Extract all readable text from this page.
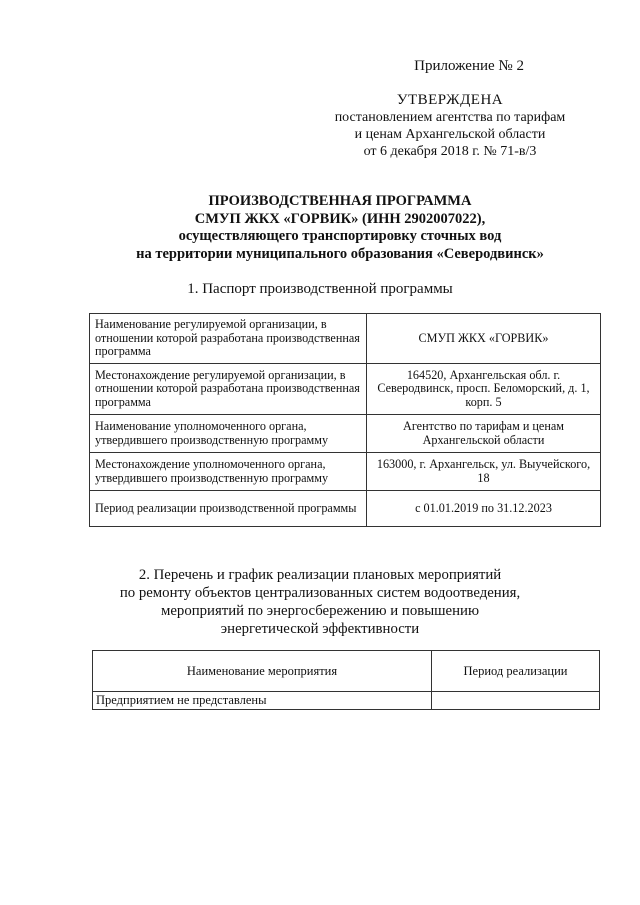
Приложение № 2
УТВЕРЖДЕНА
постановлением агентства по тарифам
и ценам Архангельской области
от 6 декабря 2018 г. № 71-в/3
ПРОИЗВОДСТВЕННАЯ ПРОГРАММА
СМУП ЖКХ «ГОРВИК» (ИНН 2902007022),
осуществляющего транспортировку сточных вод
на территории муниципального образования «Северодвинск»
1. Паспорт производственной программы
Наименование регулируемой организации, в отношении которой разработана производственная программа	СМУП ЖКХ «ГОРВИК»
Местонахождение регулируемой организации, в отношении которой разработана производственная программа	164520, Архангельская обл. г. Северодвинск, просп. Беломорский, д. 1, корп. 5
Наименование уполномоченного органа, утвердившего производственную программу	Агентство по тарифам и ценам Архангельской области
Местонахождение уполномоченного органа, утвердившего производственную программу	163000, г. Архангельск, ул. Выучейского, 18
Период реализации производственной программы	с 01.01.2019 по 31.12.2023
2. Перечень и график реализации плановых мероприятий
по ремонту объектов централизованных систем водоотведения,
мероприятий по энергосбережению и повышению
энергетической эффективности
Наименование мероприятия	Период реализации
Предприятием не представлены	
